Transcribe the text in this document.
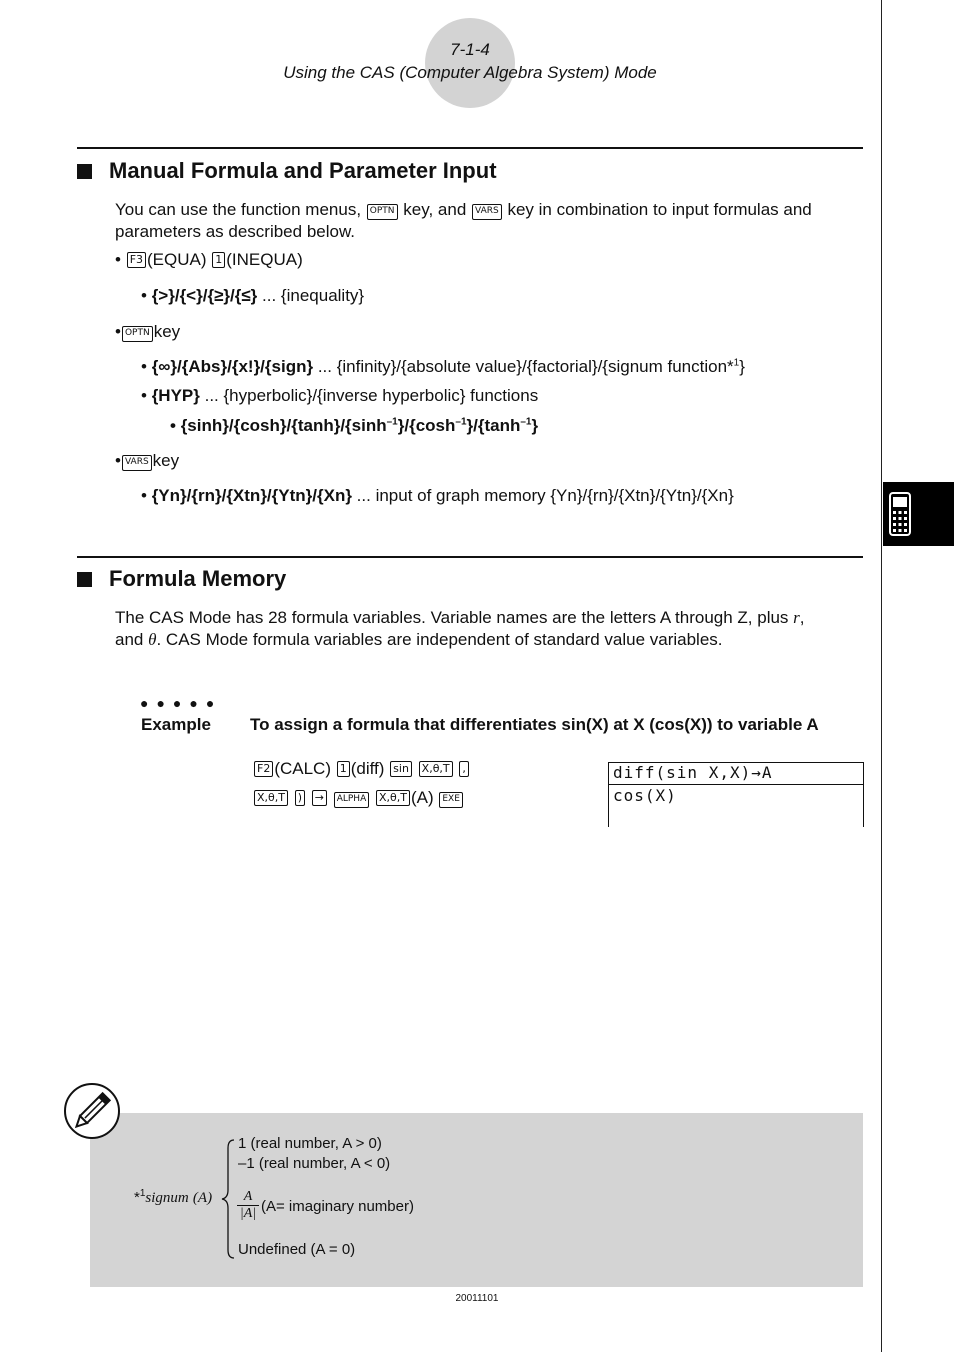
7-1-4
Using the CAS (Computer Algebra System) Mode
Manual Formula and Parameter Input
You can use the function menus, OPTN key, and VARS key in combination to input formulas and
parameters as described below.
• F3 (EQUA) 1 (INEQUA)
• {>}/{<}/{≥}/{≤} ... {inequality}
• OPTN key
• {∞}/{Abs}/{x!}/{sign} ... {infinity}/{absolute value}/{factorial}/{signum function*$^1$}
• {HYP} ... {hyperbolic}/{inverse hyperbolic} functions
• $\{\sinh\}/\{\cosh\}/\{\tanh\}/\{\sinh^{-1}\}/\{\cosh^{-1}\}/\{\tanh^{-1}\}$
• VARS key
• {Yn}/{rn}/{Xtn}/{Ytn}/{Xn} ... input of graph memory {Yn}/{rn}/{Xtn}/{Ytn}/{Xn}
Formula Memory
The CAS Mode has 28 formula variables. Variable names are the letters A through Z, plus r,
and θ. CAS Mode formula variables are independent of standard value variables.
●●●●●
Example To assign a formula that differentiates sin(X) at X (cos(X)) to variable A
F2 (CALC) 1 (diff) sin X,θ,T ,
X,θ,T ) → ALPHA X,θ,T (A) EXE
diff(sin X,X)→A
cos(X)
*$^1$signum (A)
1 (real number, A > 0)
–1 (real number, A < 0)
$\frac{A}{|A|} (A=$ imaginary number)
Undefined (A = 0)
20011101
